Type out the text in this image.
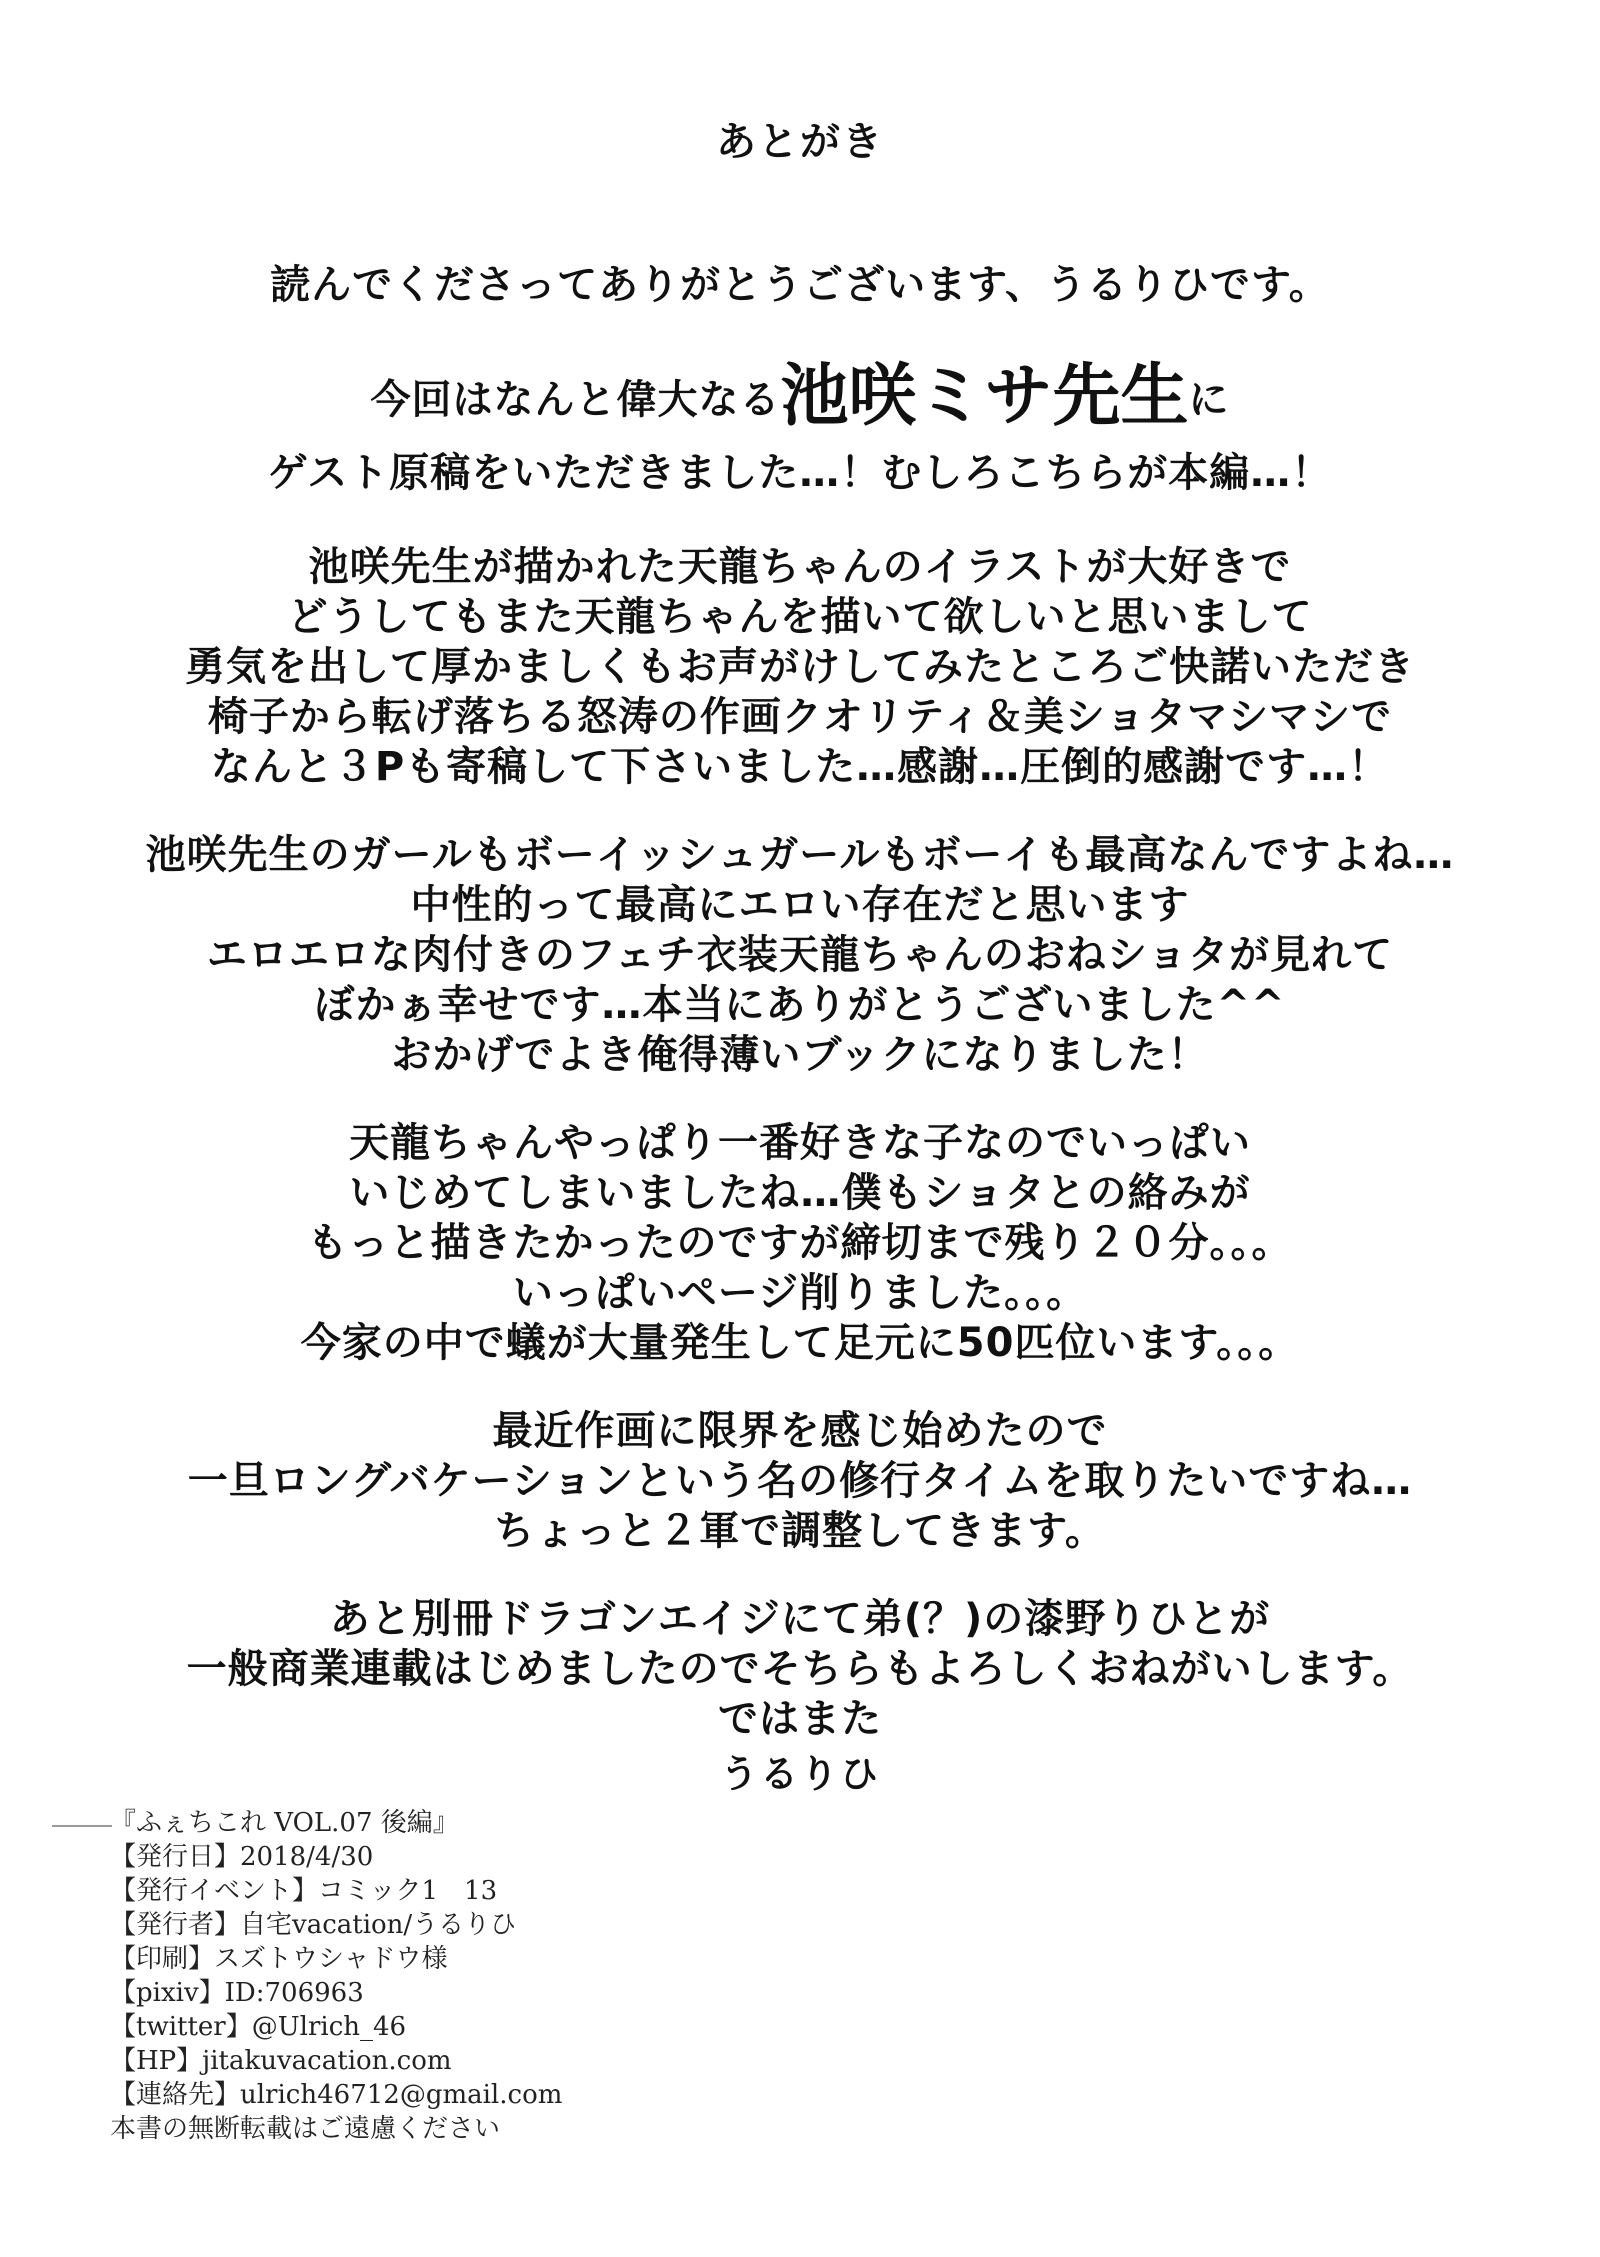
あとがき
読んでくださってありがとうございます、うるりひです。
今回はなんと偉大なる池咲ミサ先生に
ゲスト原稿をいただきました…！むしろこちらが本編…！
池咲先生が描かれた天龍ちゃんのイラストが大好きで
どうしてもまた天龍ちゃんを描いて欲しいと思いまして
勇気を出して厚かましくもお声がけしてみたところご快諾いただき
椅子から転げ落ちる怒涛の作画クオリティ＆美ショタマシマシで
なんと３Pも寄稿して下さいました…感謝…圧倒的感謝です…！
池咲先生のガールもボーイッシュガールもボーイも最高なんですよね…
中性的って最高にエロい存在だと思います
エロエロな肉付きのフェチ衣装天龍ちゃんのおねショタが見れて
ぼかぁ幸せです…本当にありがとうございました^^
おかげでよき俺得薄いブックになりました！
天龍ちゃんやっぱり一番好きな子なのでいっぱい
いじめてしまいましたね…僕もショタとの絡みが
もっと描きたかったのですが締切まで残り２０分。。。
いっぱいページ削りました。。。
今家の中で蟻が大量発生して足元に50匹位います。。。
最近作画に限界を感じ始めたので
一旦ロングバケーションという名の修行タイムを取りたいですね…
ちょっと２軍で調整してきます。
あと別冊ドラゴンエイジにて弟(？)の漆野りひとが
一般商業連載はじめましたのでそちらもよろしくおねがいします。
ではまた
うるりひ
『ふぇちこれ VOL.07 後編』
【発行日】2018/4/30
【発行イベント】コミック1　13
【発行者】自宅vacation/うるりひ
【印刷】スズトウシャドウ様
【pixiv】ID:706963
【twitter】@Ulrich_46
【HP】jitakuvacation.com
【連絡先】ulrich46712@gmail.com
本書の無断転載はご遠慮ください
